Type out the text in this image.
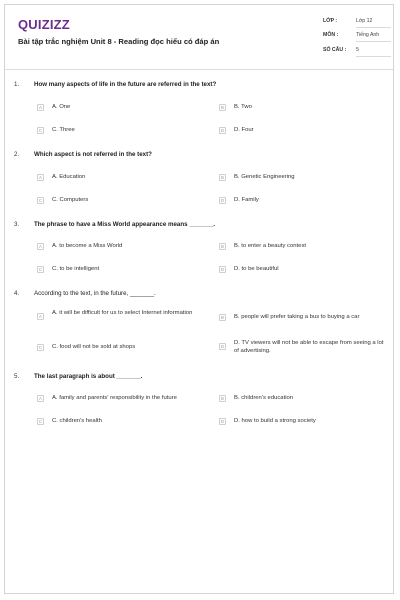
QUIZIZZ
Bài tập trắc nghiệm Unit 8 - Reading đọc hiểu có đáp án
LỚP :	Lớp 12
MÔN :	Tiếng Anh
SỐ CÂU : 5
1. How many aspects of life in the future are referred in the text?
A	A. One	B	B. Two
C	C. Three	D	D. Four
2. Which aspect is not referred in the text?
A	A. Education	B	B. Genetic Engineering
C	C. Computers	D	D. Family
3. The phrase to have a Miss World appearance means _______.
A	A. to become a Miss World	B	B. to enter a beauty contest
C	C. to be intelligent	D	D. to be beautiful
4. According to the text, in the future, _______.
A
A. it will be difficult for us to select Internet information
B	B. people will prefer taking a bus to buying a car
C	C. food will not be sold at shops	D
D. TV viewers will not be able to escape from seeing a lot of advertising.
5. The last paragraph is about _______.
A	A. family and parents' responsibility in the future	B	B. children's education
C	C. children's health	D	D. how to build a strong society
